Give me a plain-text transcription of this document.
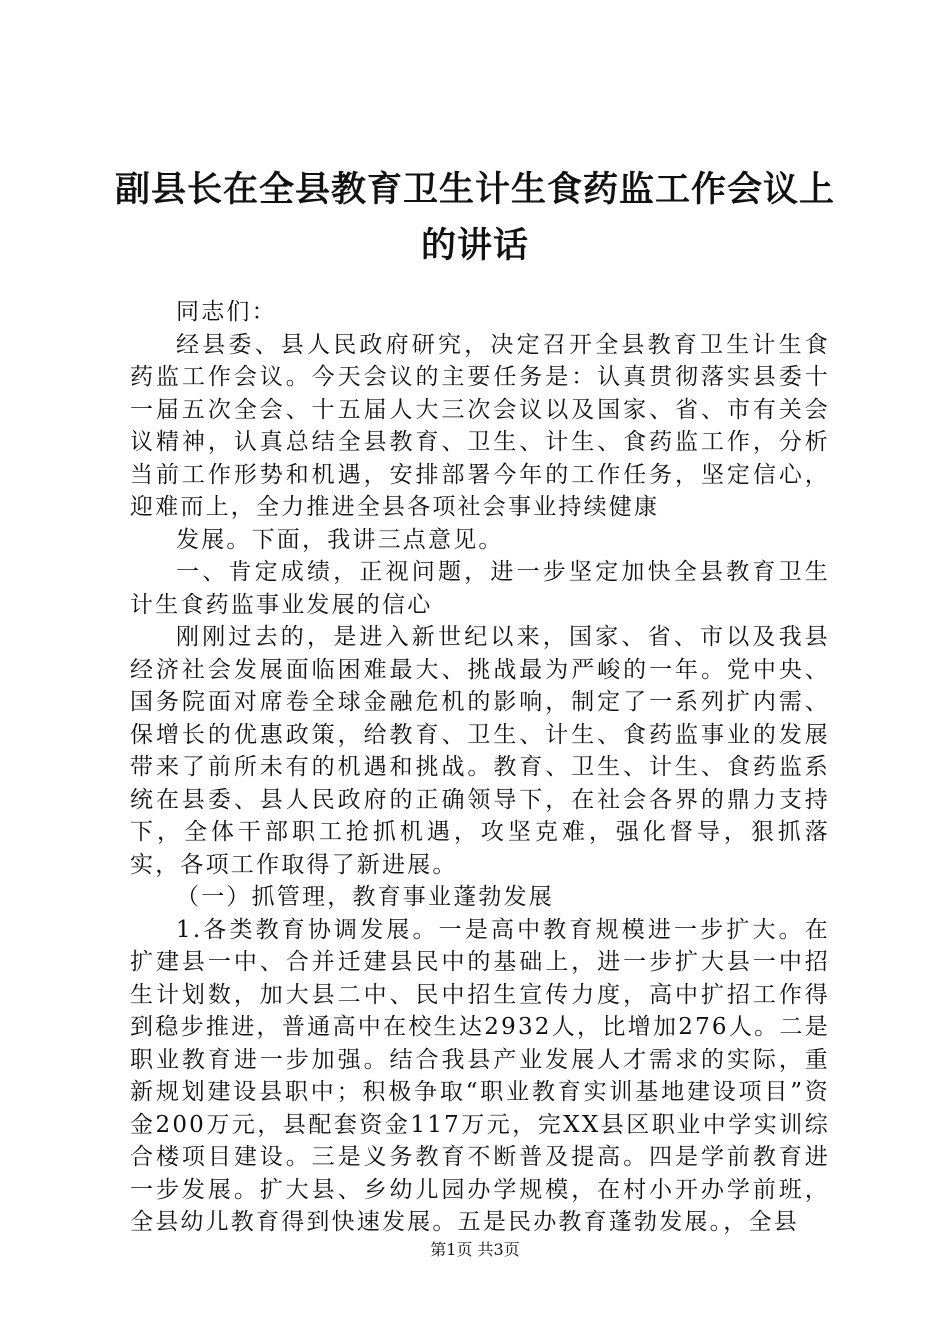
副县长在全县教育卫生计生食药监工作会议上
的讲话

同志们：

经县委、县人民政府研究，决定召开全县教育卫生计生食药监工作会议。今天会议的主要任务是：认真贯彻落实县委十一届五次全会、十五届人大三次会议以及国家、省、市有关会议精神，认真总结全县教育、卫生、计生、食药监工作，分析当前工作形势和机遇，安排部署今年的工作任务，坚定信心，迎难而上，全力推进全县各项社会事业持续健康

发展。下面，我讲三点意见。

一、肯定成绩，正视问题，进一步坚定加快全县教育卫生计生食药监事业发展的信心

刚刚过去的，是进入新世纪以来，国家、省、市以及我县经济社会发展面临困难最大、挑战最为严峻的一年。党中央、国务院面对席卷全球金融危机的影响，制定了一系列扩内需、保增长的优惠政策，给教育、卫生、计生、食药监事业的发展带来了前所未有的机遇和挑战。教育、卫生、计生、食药监系统在县委、县人民政府的正确领导下，在社会各界的鼎力支持下，全体干部职工抢抓机遇，攻坚克难，强化督导，狠抓落实，各项工作取得了新进展。

（一）抓管理，教育事业蓬勃发展

1.各类教育协调发展。一是高中教育规模进一步扩大。在扩建县一中、合并迁建县民中的基础上，进一步扩大县一中招生计划数，加大县二中、民中招生宣传力度，高中扩招工作得到稳步推进，普通高中在校生达2932人，比增加276人。二是职业教育进一步加强。结合我县产业发展人才需求的实际，重新规划建设县职中；积极争取“职业教育实训基地建设项目”资金200万元，县配套资金117万元，完XX县区职业中学实训综合楼项目建设。三是义务教育不断普及提高。四是学前教育进一步发展。扩大县、乡幼儿园办学规模，在村小开办学前班，全县幼儿教育得到快速发展。五是民办教育蓬勃发展。，全县

第1页 共3页
